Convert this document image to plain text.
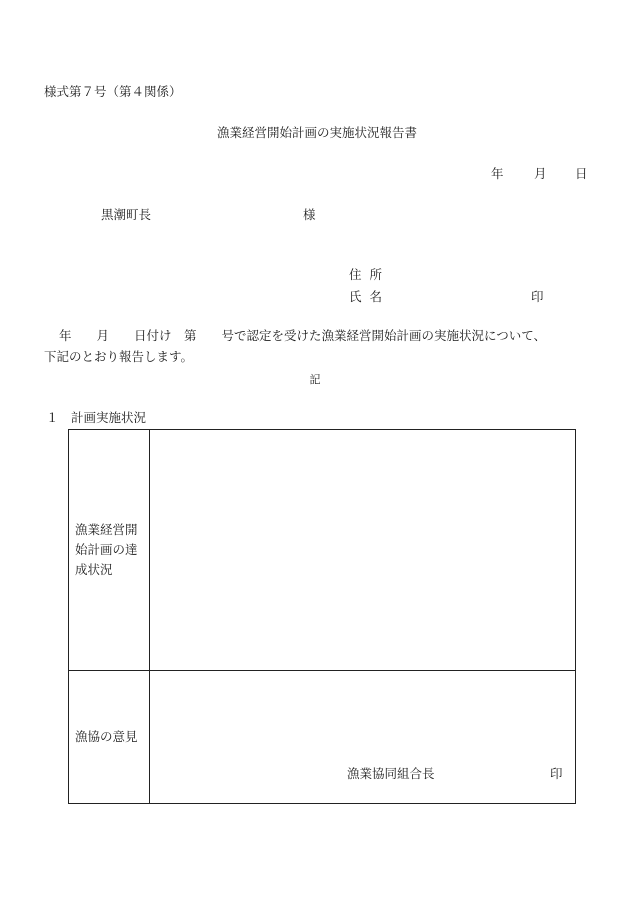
様式第７号（第４関係）
漁業経営開始計画の実施状況報告書
年 月 日
黒潮町長	様
住所
氏名	印
年　　月　　日付け　第　　号で認定を受けた漁業経営開始計画の実施状況について、
下記のとおり報告します。
記
１　計画実施状況
漁業経営開始計画の達成状況	

漁協の意見	漁業協同組合長 印
